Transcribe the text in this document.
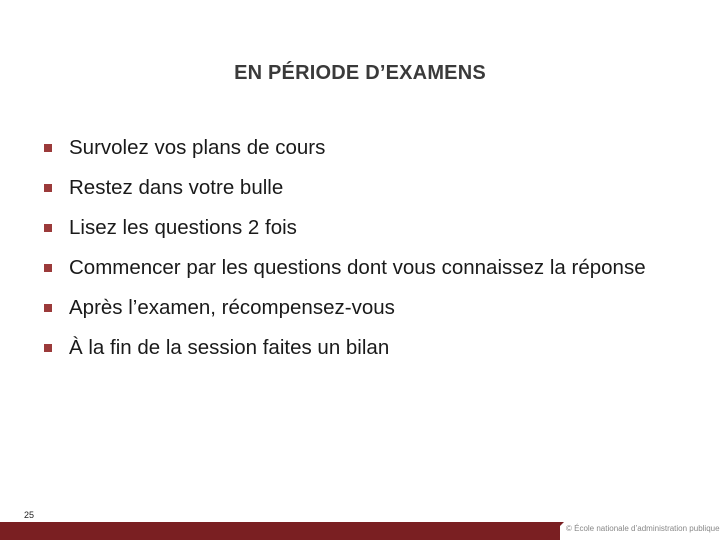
EN PÉRIODE D’EXAMENS
Survolez vos plans de cours
Restez dans votre bulle
Lisez les questions 2 fois
Commencer par les questions dont vous connaissez la réponse
Après l’examen, récompensez-vous
À la fin de la session faites un bilan
25
© École nationale d’administration publique
